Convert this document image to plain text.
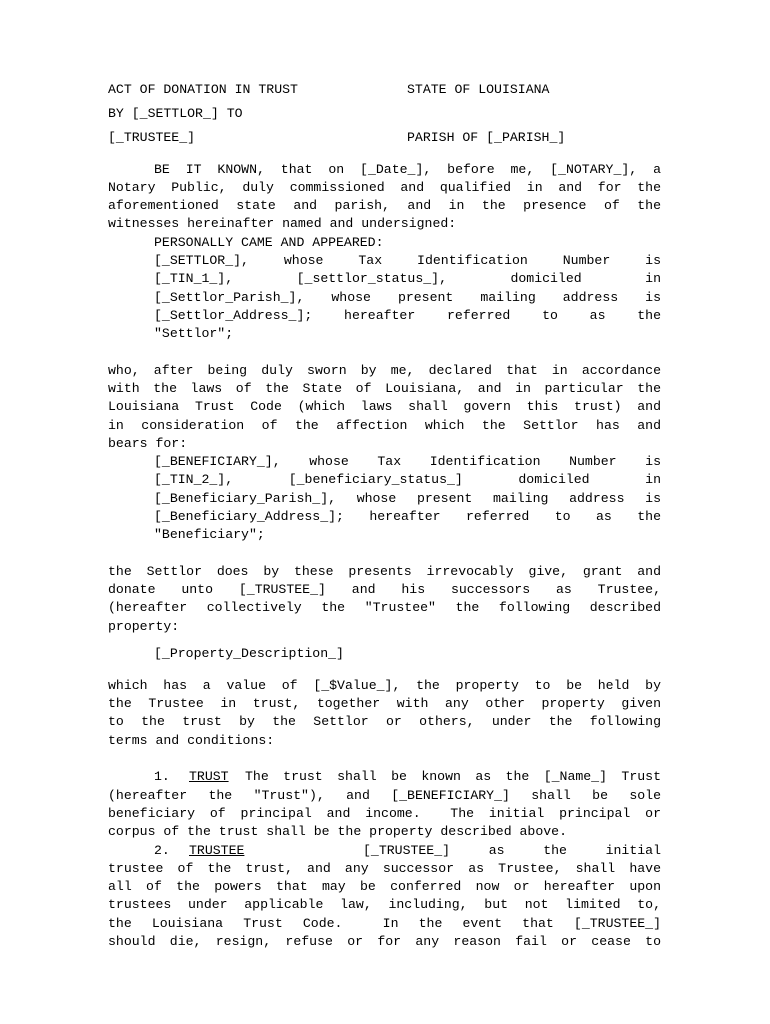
ACT OF DONATION IN TRUST	STATE OF LOUISIANA
BY [_SETTLOR_] TO
[_TRUSTEE_]	PARISH OF [_PARISH_]
BE IT KNOWN, that on [_Date_], before me, [_NOTARY_], a
Notary Public, duly commissioned and qualified in and for the
aforementioned state and parish, and in the presence of the
witnesses hereinafter named and undersigned:
PERSONALLY CAME AND APPEARED:
[_SETTLOR_],  whose  Tax  Identification  Number  is
[_TIN_1_],  [_settlor_status_],  domiciled  in
[_Settlor_Parish_], whose present mailing address is
[_Settlor_Address_]; hereafter referred to as the
"Settlor";
who, after being duly sworn by me, declared that in accordance
with the laws of the State of Louisiana, and in particular the
Louisiana Trust Code (which laws shall govern this trust) and
in consideration of the affection which the Settlor has and
bears for:
[_BENEFICIARY_], whose Tax Identification Number is
[_TIN_2_],  [_beneficiary_status_]  domiciled  in
[_Beneficiary_Parish_], whose present mailing address is
[_Beneficiary_Address_]; hereafter referred to as the
"Beneficiary";
the Settlor does by these presents irrevocably give, grant and
donate unto [_TRUSTEE_] and his successors as Trustee,
(hereafter collectively the "Trustee" the following described
property:
[_Property_Description_]
which has a value of [_$Value_], the property to be held by
the Trustee in trust, together with any other property given
to the trust by the Settlor or others, under the following
terms and conditions:
1. TRUST The trust shall be known as the [_Name_] Trust
(hereafter the "Trust"), and [_BENEFICIARY_] shall be sole
beneficiary of principal and income.  The initial principal or
corpus of the trust shall be the property described above.
2. TRUSTEE	[_TRUSTEE_]   as   the   initial
trustee of the trust, and any successor as Trustee, shall have
all of the powers that may be conferred now or hereafter upon
trustees under applicable law, including, but not limited to,
the Louisiana Trust Code.  In the event that [_TRUSTEE_]
should die, resign, refuse or for any reason fail or cease to
